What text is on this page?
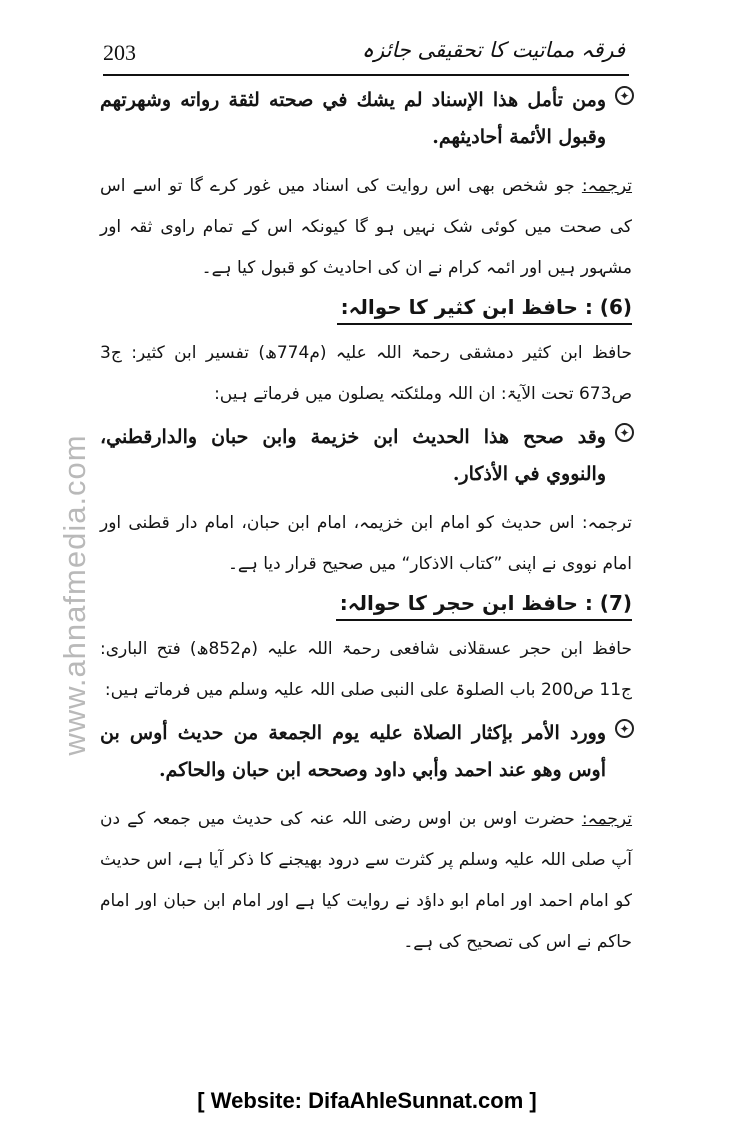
www.ahnafmedia.com
203	فرقہ مماتیت کا تحقیقی جائزہ
✦
ومن تأمل هذا الإسناد لم يشك في صحته لثقة رواته وشهرتهم وقبول الأئمة أحاديثهم.
ترجمہ: جو شخص بھی اس روایت کی اسناد میں غور کرے گا تو اسے اس کی صحت میں کوئی شک نہیں ہو گا کیونکہ اس کے تمام راوی ثقہ اور مشہور ہیں اور ائمہ کرام نے ان کی احادیث کو قبول کیا ہے۔
(6) : حافظ ابن کثیر کا حوالہ:
حافظ ابن کثیر دمشقی رحمۃ اللہ علیہ (م774ھ) تفسیر ابن کثیر: ج3 ص673 تحت الآیۃ: ان اللہ وملئکتہ یصلون میں فرماتے ہیں:
✦
وقد صحح هذا الحديث ابن خزيمة وابن حبان والدارقطني، والنووي في الأذكار.
ترجمہ: اس حدیث کو امام ابن خزیمہ، امام ابن حبان، امام دار قطنی اور امام نووی نے اپنی ”کتاب الاذکار“ میں صحیح قرار دیا ہے۔
(7) : حافظ ابن حجر کا حوالہ:
حافظ ابن حجر عسقلانی شافعی رحمۃ اللہ علیہ (م852ھ) فتح الباری: ج11 ص200 باب الصلوۃ علی النبی صلی اللہ علیہ وسلم میں فرماتے ہیں:
✦
وورد الأمر بإكثار الصلاة عليه يوم الجمعة من حديث أوس بن أوس وهو عند احمد وأبي داود وصححه ابن حبان والحاكم.
ترجمہ: حضرت اوس بن اوس رضی اللہ عنہ کی حدیث میں جمعہ کے دن آپ صلی اللہ علیہ وسلم پر کثرت سے درود بھیجنے کا ذکر آیا ہے، اس حدیث کو امام احمد اور امام ابو داؤد نے روایت کیا ہے اور امام ابن حبان اور امام حاکم نے اس کی تصحیح کی ہے۔
[ Website: DifaAhleSunnat.com ]
